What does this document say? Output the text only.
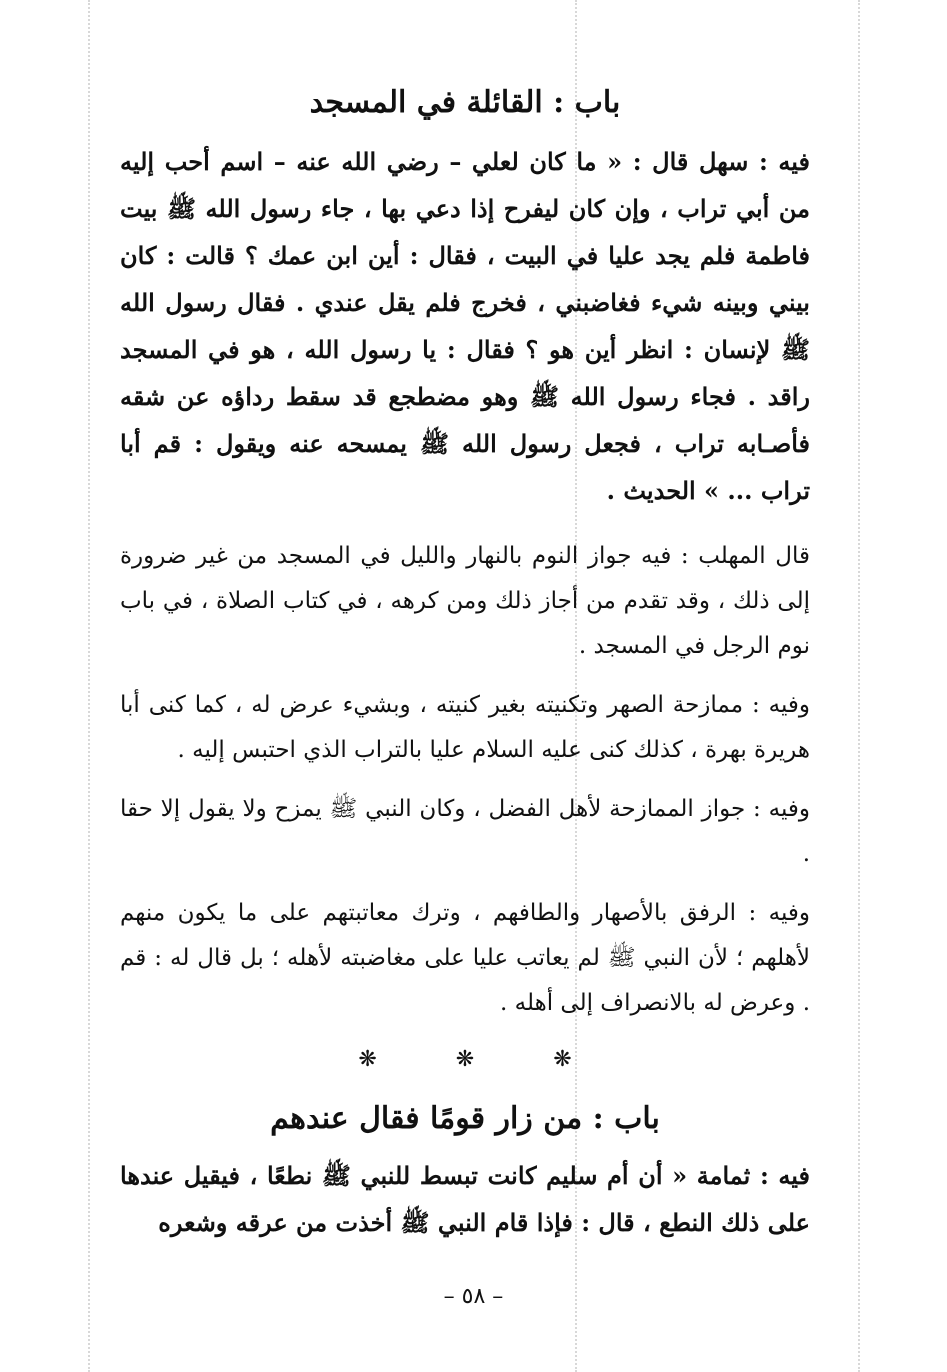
باب : القائلة في المسجد

فيه : سهل قال : « ما كان لعلي – رضي الله عنه – اسم أحب إليه من أبي تراب ، وإن كان ليفرح إذا دعي بها ، جاء رسول الله ﷺ بيت فاطمة فلم يجد عليا في البيت ، فقال : أين ابن عمك ؟ قالت : كان بيني وبينه شيء فغاضبني ، فخرج فلم يقل عندي . فقال رسول الله ﷺ لإنسان : انظر أين هو ؟ فقال : يا رسول الله ، هو في المسجد راقد . فجاء رسول الله ﷺ وهو مضطجع قد سقط رداؤه عن شقه فأصـابه تراب ، فجعل رسول الله ﷺ يمسحه عنه ويقول : قم أبا تراب ... » الحديث .

قال المهلب : فيه جواز النوم بالنهار والليل في المسجد من غير ضرورة إلى ذلك ، وقد تقدم من أجاز ذلك ومن كرهه ، في كتاب الصلاة ، في باب نوم الرجل في المسجد .

وفيه : ممازحة الصهر وتكنيته بغير كنيته ، وبشيء عرض له ، كما كنى أبا هريرة بهرة ، كذلك كنى عليه السلام عليا بالتراب الذي احتبس إليه .

وفيه : جواز الممازحة لأهل الفضل ، وكان النبي ﷺ يمزح ولا يقول إلا حقا .

وفيه : الرفق بالأصهار والطافهم ، وترك معاتبتهم على ما يكون منهم لأهلهم ؛ لأن النبي ﷺ لم يعاتب عليا على مغاضبته لأهله ؛ بل قال له : قم . وعرض له بالانصراف إلى أهله .

❋ ❋ ❋
باب : من زار قومًا فقال عندهم

فيه : ثمامة « أن أم سليم كانت تبسط للنبي ﷺ نطعًا ، فيقيل عندها على ذلك النطع ، قال : فإذا قام النبي ﷺ أخذت من عرقه وشعره

– ٥٨ –
